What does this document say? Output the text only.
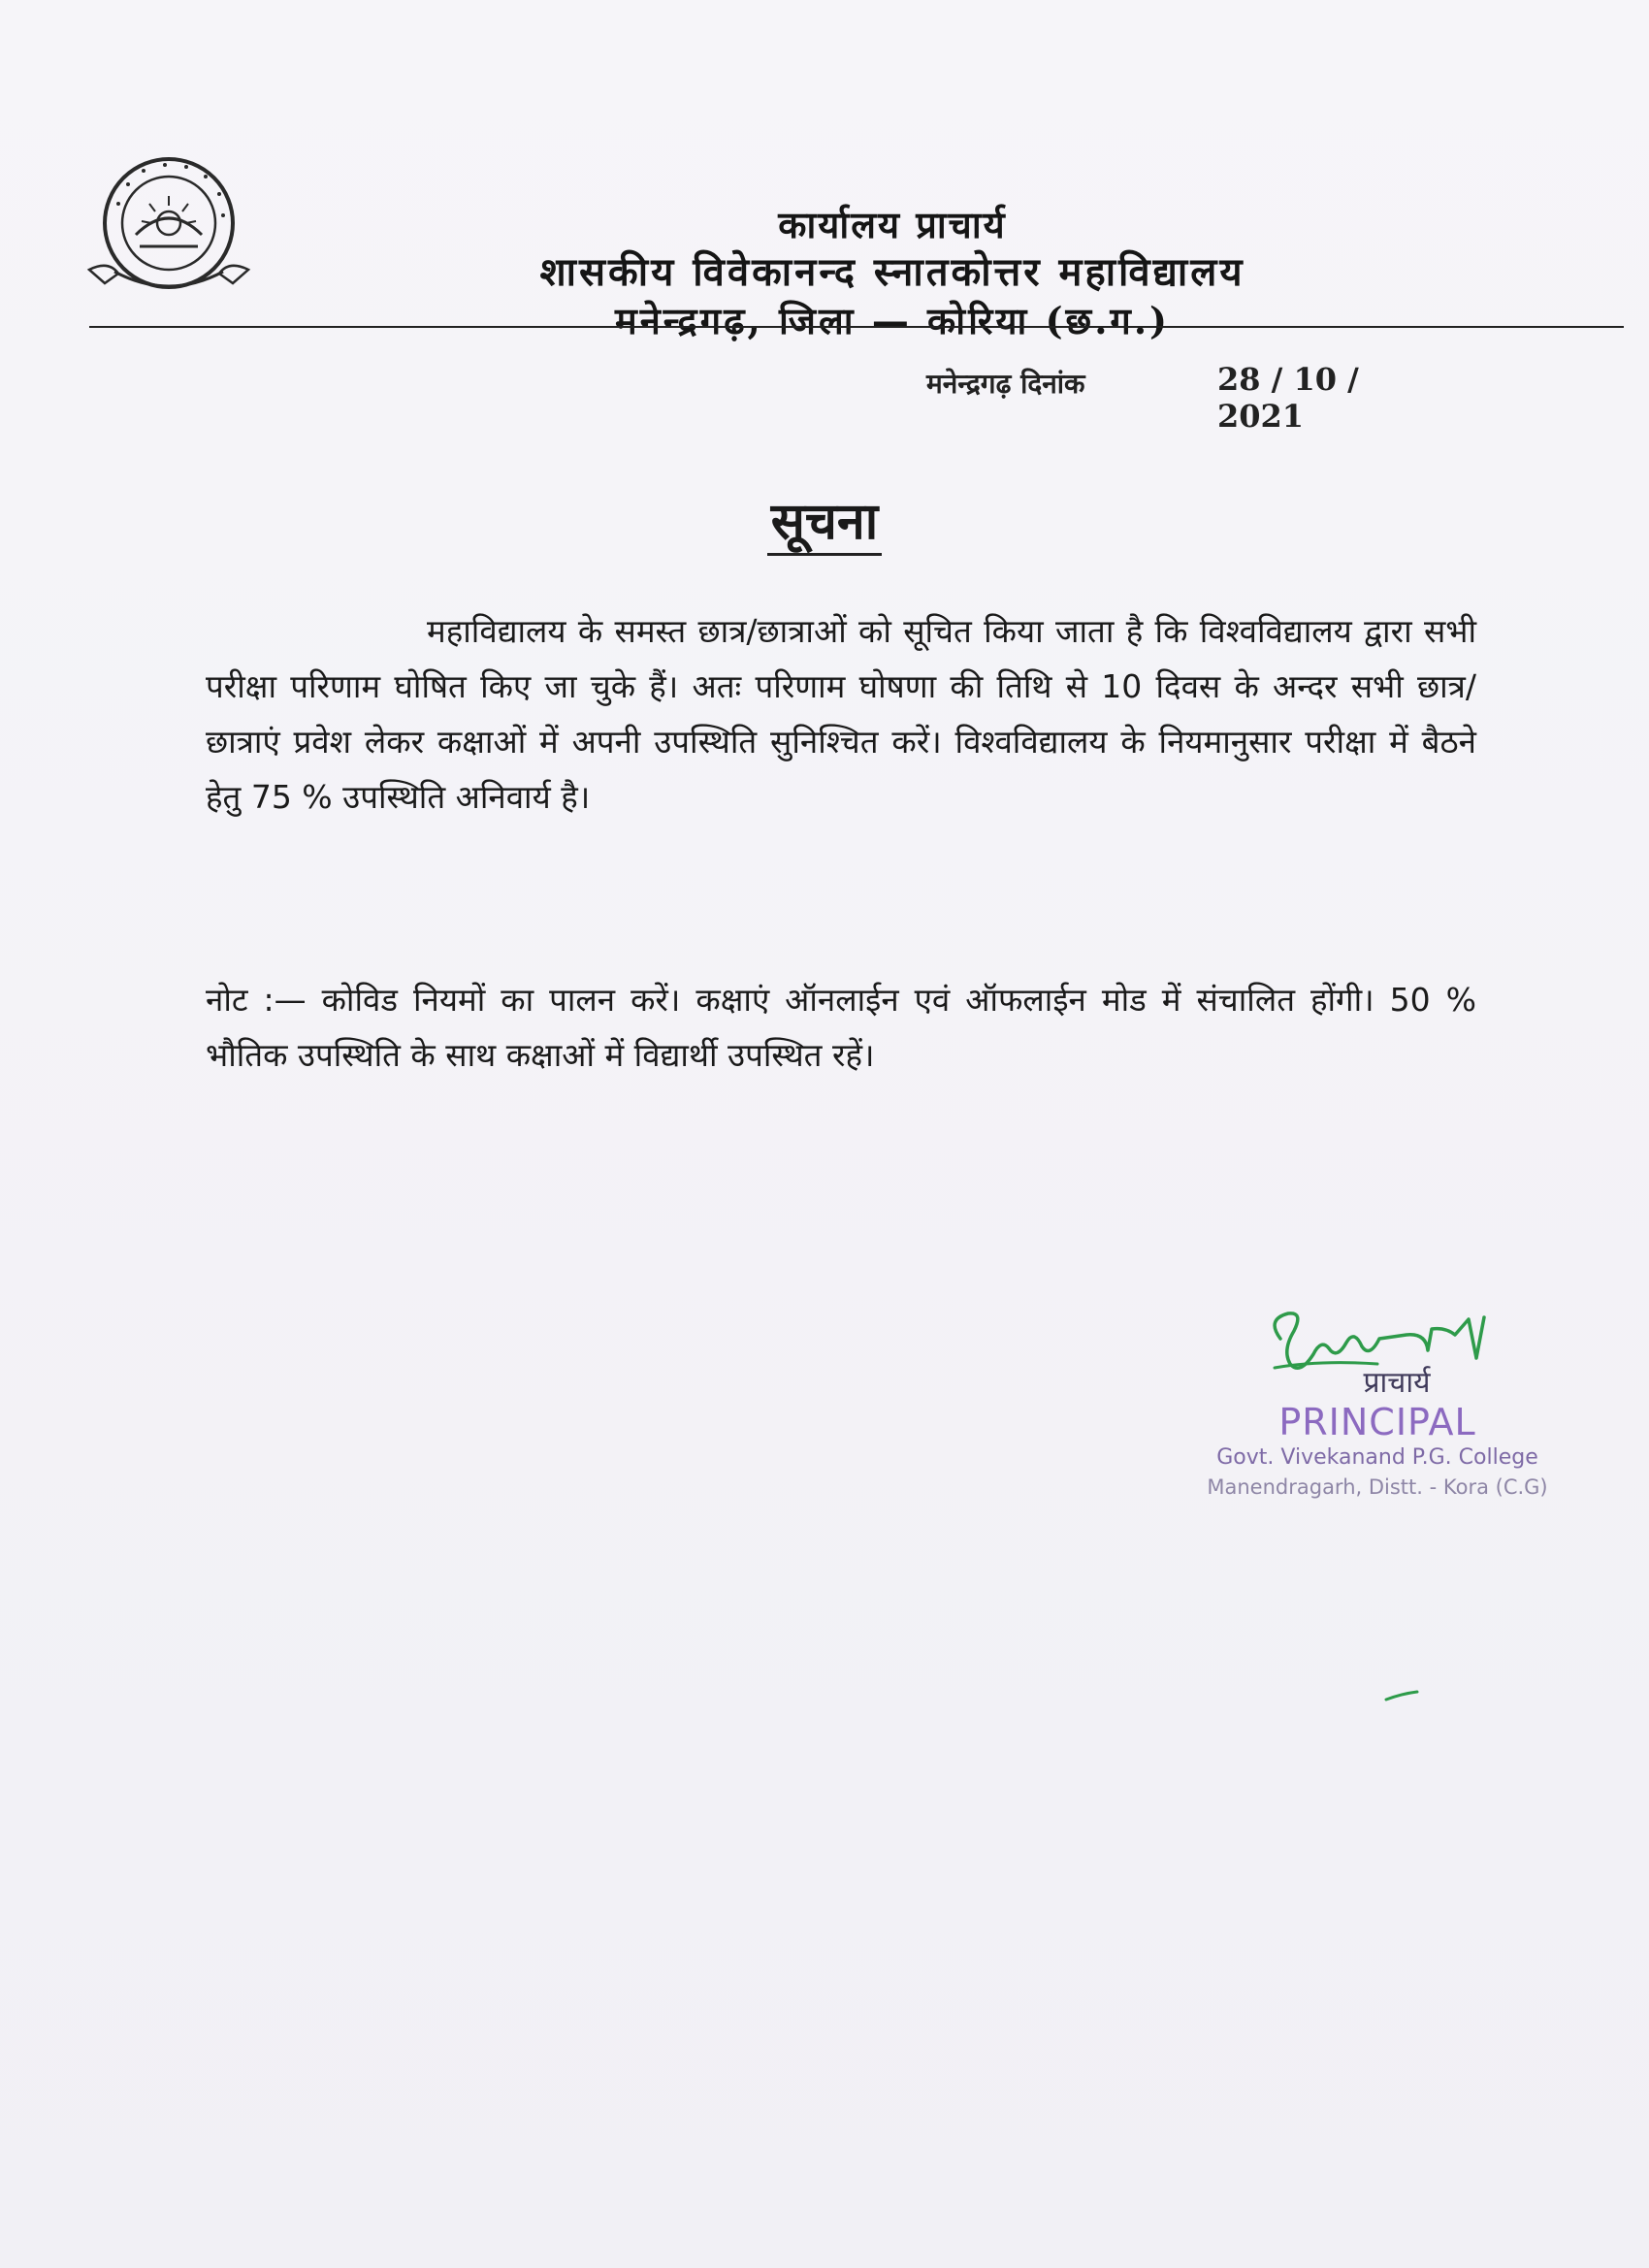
कार्यालय प्राचार्य
शासकीय विवेकानन्द स्नातकोत्तर महाविद्यालय
मनेन्द्रगढ़, जिला — कोरिया (छ.ग.)
मनेन्द्रगढ़ दिनांक	28 / 10 / 2021
सूचना
महाविद्यालय के समस्त छात्र/छात्राओं को सूचित किया जाता है कि विश्वविद्यालय द्वारा सभी परीक्षा परिणाम घोषित किए जा चुके हैं। अतः परिणाम घोषणा की तिथि से 10 दिवस के अन्दर सभी छात्र/छात्राएं प्रवेश लेकर कक्षाओं में अपनी उपस्थिति सुनिश्चित करें। विश्वविद्यालय के नियमानुसार परीक्षा में बैठने हेतु 75 % उपस्थिति अनिवार्य है।
नोट :— कोविड नियमों का पालन करें। कक्षाएं ऑनलाईन एवं ऑफलाईन मोड में संचालित होंगी। 50 % भौतिक उपस्थिति के साथ कक्षाओं में विद्यार्थी उपस्थित रहें।
प्राचार्य
PRINCIPAL
Govt. Vivekanand P.G. College
Manendragarh, Distt. - Kora (C.G)
